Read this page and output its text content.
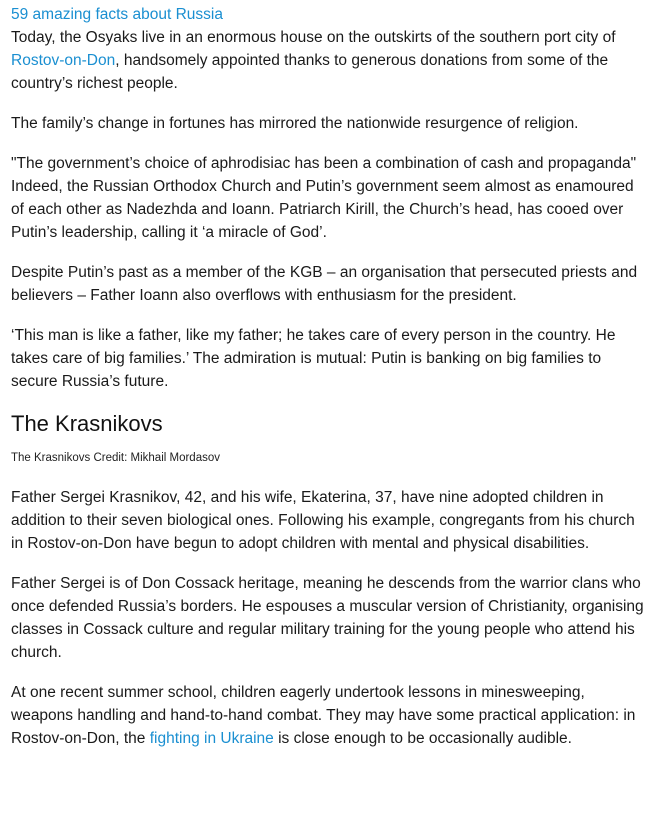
59 amazing facts about Russia

Today, the Osyaks live in an enormous house on the outskirts of the southern port city of Rostov-on-Don, handsomely appointed thanks to generous donations from some of the country’s richest people.

The family’s change in fortunes has mirrored the nationwide resurgence of religion.

"The government’s choice of aphrodisiac has been a combination of cash and propaganda"
Indeed, the Russian Orthodox Church and Putin’s government seem almost as enamoured of each other as Nadezhda and Ioann. Patriarch Kirill, the Church’s head, has cooed over Putin’s leadership, calling it ‘a miracle of God’.

Despite Putin’s past as a member of the KGB – an organisation that persecuted priests and believers – Father Ioann also overflows with enthusiasm for the president.

‘This man is like a father, like my father; he takes care of every person in the country. He takes care of big families.’ The admiration is mutual: Putin is banking on big families to secure Russia’s future.

The Krasnikovs
The Krasnikovs Credit: Mikhail Mordasov

Father Sergei Krasnikov, 42, and his wife, Ekaterina, 37, have nine adopted children in addition to their seven biological ones. Following his example, congregants from his church in Rostov-on-Don have begun to adopt children with mental and physical disabilities.

Father Sergei is of Don Cossack heritage, meaning he descends from the warrior clans who once defended Russia’s borders. He espouses a muscular version of Christianity, organising classes in Cossack culture and regular military training for the young people who attend his church.

At one recent summer school, children eagerly undertook lessons in minesweeping, weapons handling and hand-to-hand combat. They may have some practical application: in Rostov-on-Don, the fighting in Ukraine is close enough to be occasionally audible.
